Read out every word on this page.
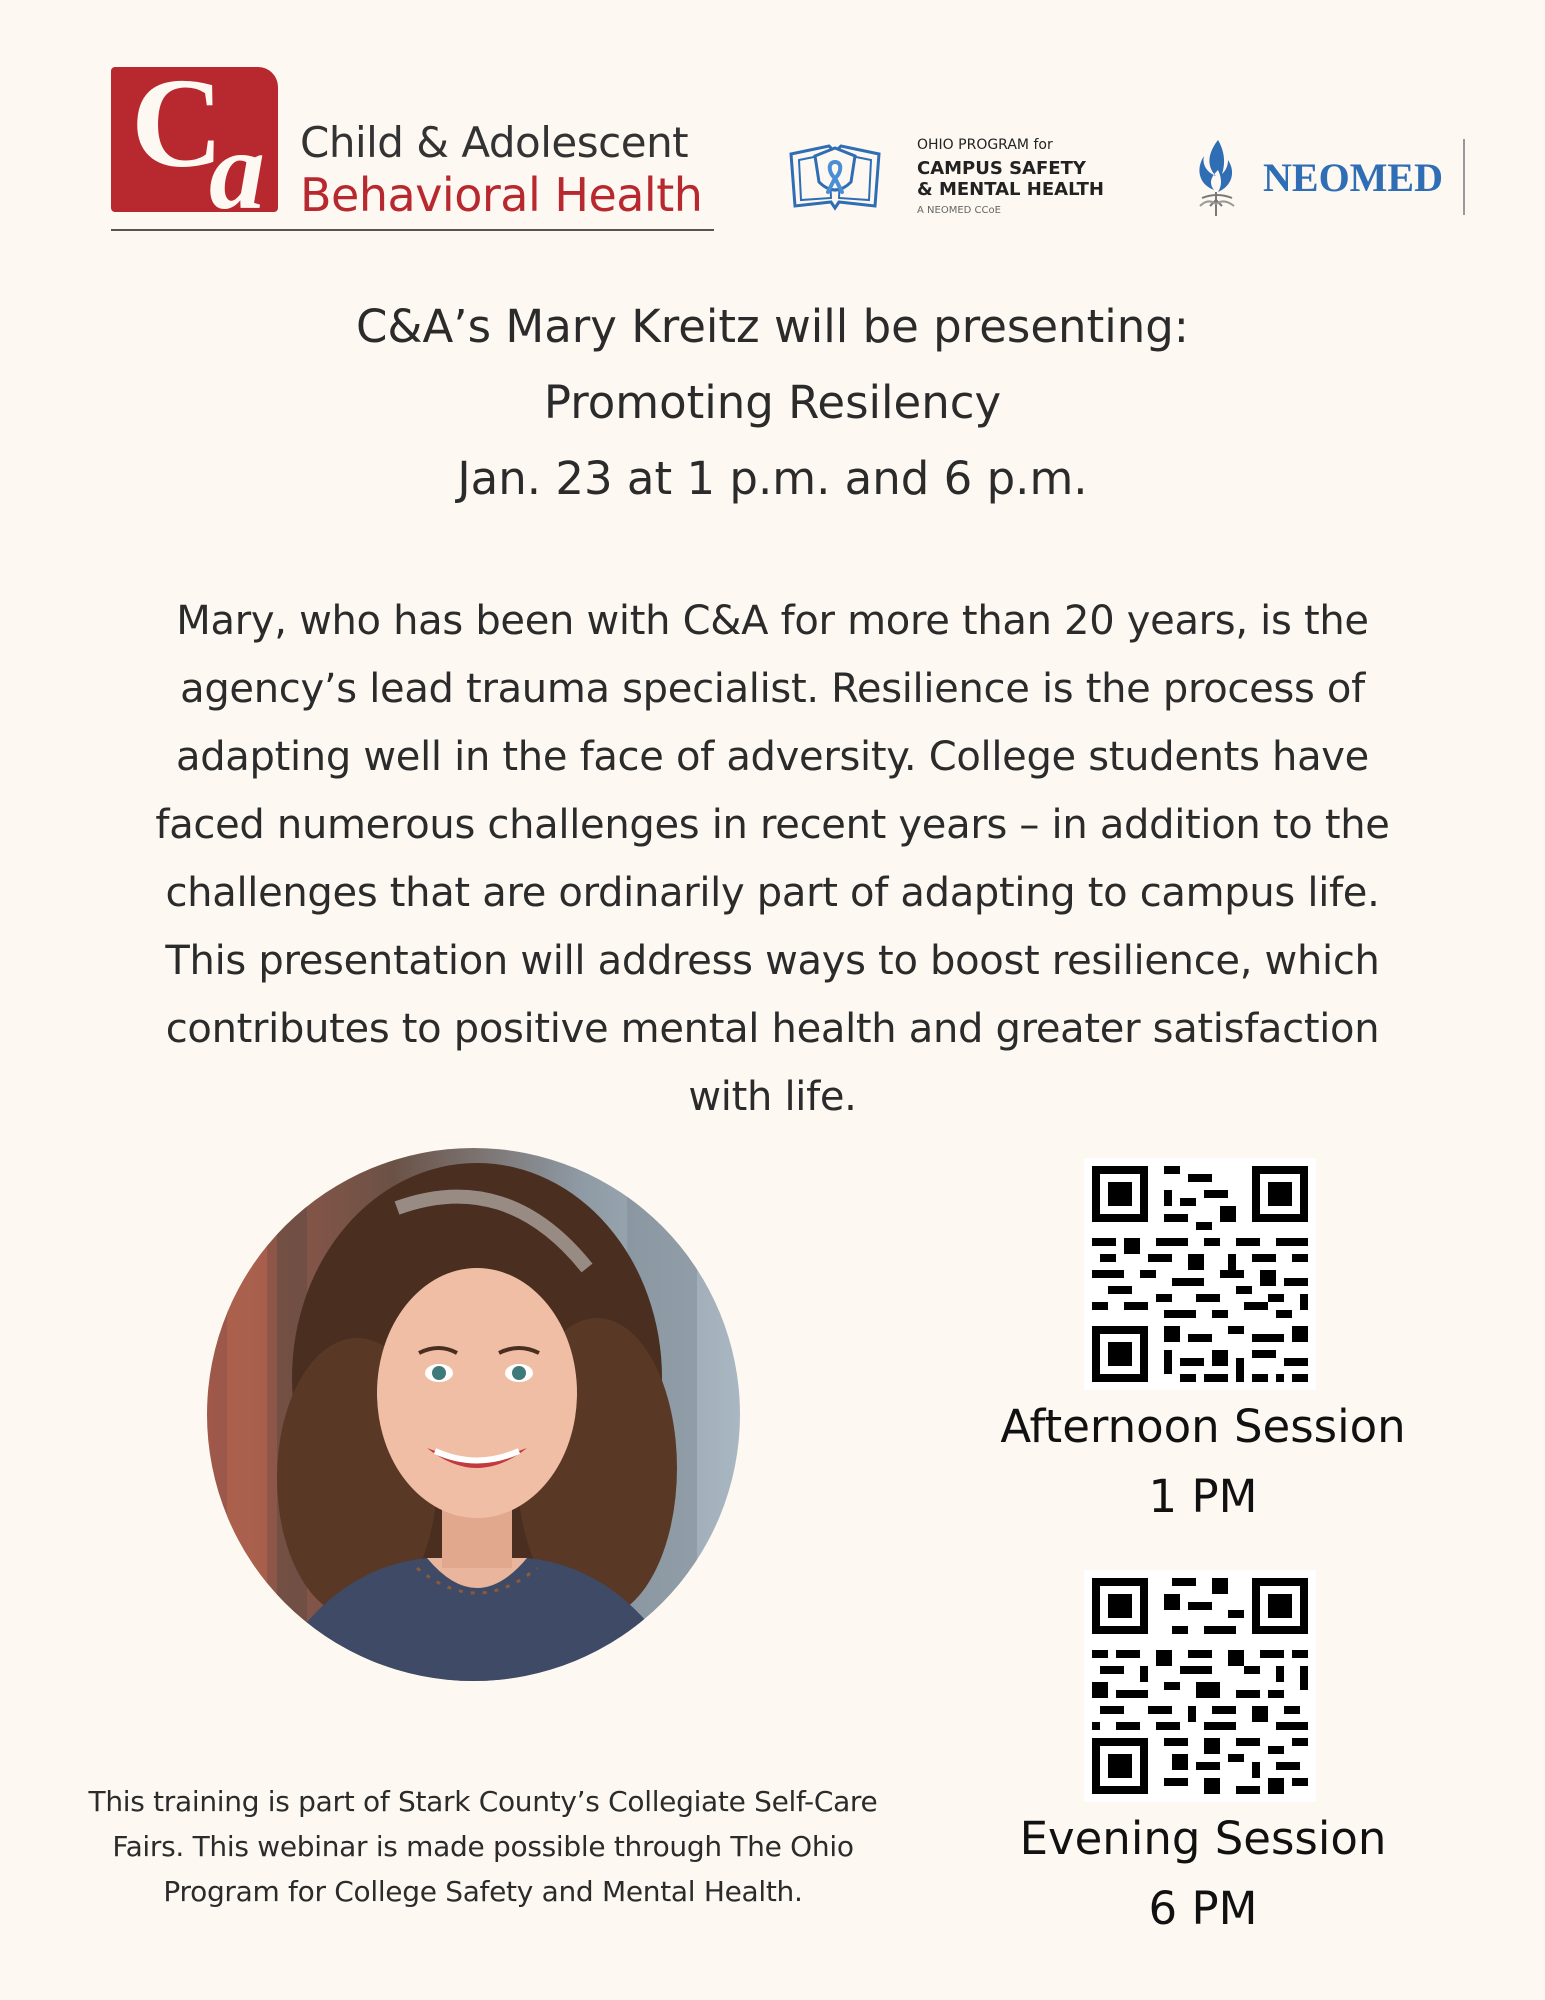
C
a Child & Adolescent
Behavioral Health
OHIO PROGRAM for
CAMPUS SAFETY
& MENTAL HEALTH
A NEOMED CCoE
NEOMED
C&A’s Mary Kreitz will be presenting:
Promoting Resilency
Jan. 23 at 1 p.m. and 6 p.m.
Mary, who has been with C&A for more than 20 years, is the
agency’s lead trauma specialist. Resilience is the process of
adapting well in the face of adversity. College students have
faced numerous challenges in recent years – in addition to the
challenges that are ordinarily part of adapting to campus life.
This presentation will address ways to boost resilience, which
contributes to positive mental health and greater satisfaction
with life.
Afternoon Session
1 PM
Evening Session
6 PM
This training is part of Stark County’s Collegiate Self-Care
Fairs. This webinar is made possible through The Ohio
Program for College Safety and Mental Health.
